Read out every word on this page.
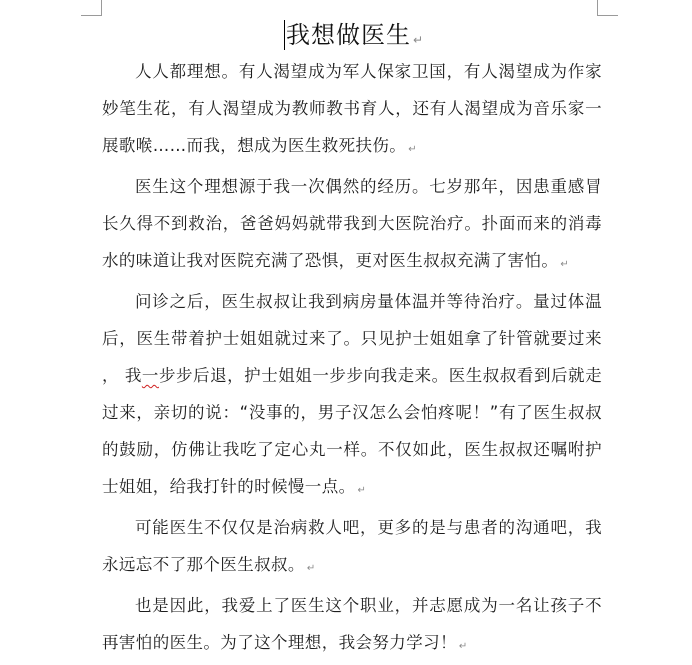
我想做医生 ↵

人人都理想。有人渴望成为军人保家卫国，有人渴望成为作家妙笔生花，有人渴望成为教师教书育人，还有人渴望成为音乐家一展歌喉……而我，想成为医生救死扶伤。 ↵

医生这个理想源于我一次偶然的经历。七岁那年，因患重感冒长久得不到救治，爸爸妈妈就带我到大医院治疗。扑面而来的消毒水的味道让我对医院充满了恐惧，更对医生叔叔充满了害怕。 ↵

问诊之后，医生叔叔让我到病房量体温并等待治疗。量过体温后，医生带着护士姐姐就过来了。只见护士姐姐拿了针管就要过来 ， 我一步步后退，护士姐姐一步步向我走来。医生叔叔看到后就走过来，亲切的说：“没事的，男子汉怎么会怕疼呢！”有了医生叔叔的鼓励，仿佛让我吃了定心丸一样。不仅如此，医生叔叔还嘱咐护士姐姐，给我打针的时候慢一点。 ↵

可能医生不仅仅是治病救人吧，更多的是与患者的沟通吧，我永远忘不了那个医生叔叔。 ↵

也是因此，我爱上了医生这个职业，并志愿成为一名让孩子不再害怕的医生。为了这个理想，我会努力学习！ ↵
